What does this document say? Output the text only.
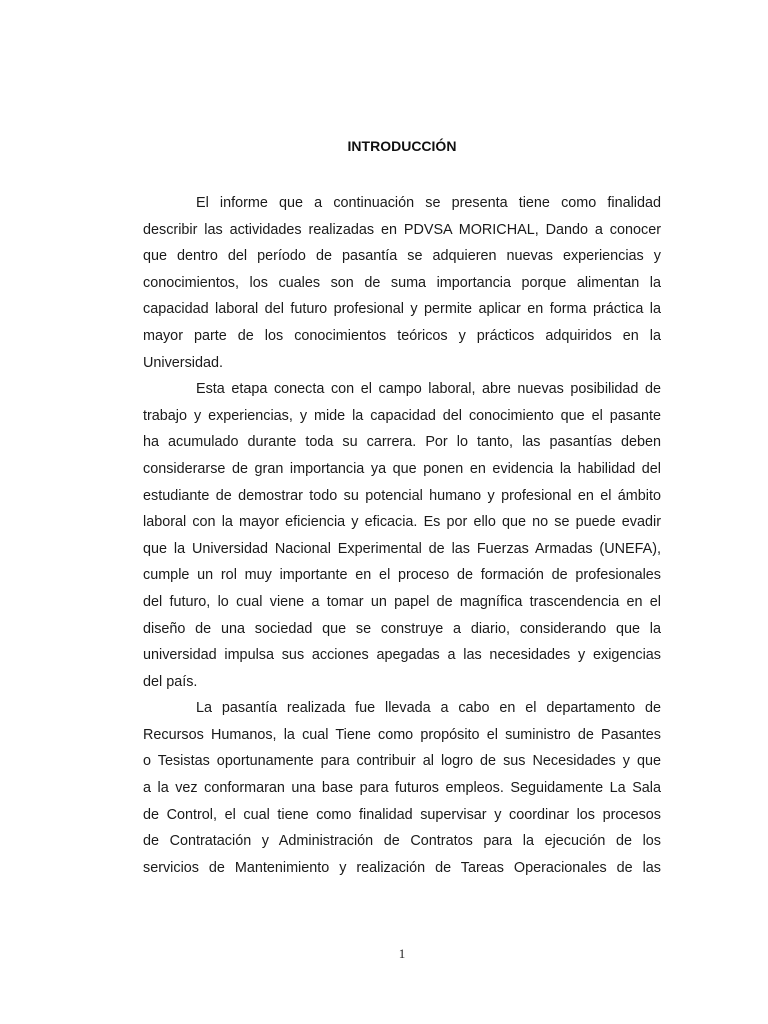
INTRODUCCIÓN
El informe que a continuación se presenta tiene como finalidad
describir las actividades realizadas en PDVSA MORICHAL, Dando a conocer
que dentro del período de pasantía se adquieren nuevas experiencias y
conocimientos, los cuales son de suma importancia porque alimentan la
capacidad laboral del futuro profesional y permite aplicar en forma práctica la
mayor parte de los conocimientos teóricos y prácticos adquiridos en la
Universidad.
Esta etapa conecta con el campo laboral, abre nuevas posibilidad de
trabajo y experiencias, y mide la capacidad del conocimiento que el pasante
ha acumulado durante toda su carrera. Por lo tanto, las pasantías deben
considerarse de gran importancia ya que ponen en evidencia la habilidad del
estudiante de demostrar todo su potencial humano y profesional en el ámbito
laboral con la mayor eficiencia y eficacia. Es por ello que no se puede evadir
que la Universidad Nacional Experimental de las Fuerzas Armadas (UNEFA),
cumple un rol muy importante en el proceso de formación de profesionales
del futuro, lo cual viene a tomar un papel de magnífica trascendencia en el
diseño de una sociedad que se construye a diario, considerando que la
universidad impulsa sus acciones apegadas a las necesidades y exigencias
del país.
La pasantía realizada fue llevada a cabo en el departamento de
Recursos Humanos, la cual Tiene como propósito el suministro de Pasantes
o Tesistas oportunamente para contribuir al logro de sus Necesidades y que
a la vez conformaran una base para futuros empleos. Seguidamente La Sala
de Control, el cual tiene como finalidad supervisar y coordinar los procesos
de Contratación y Administración de Contratos para la ejecución de los
servicios de Mantenimiento y realización de Tareas Operacionales de las
1
